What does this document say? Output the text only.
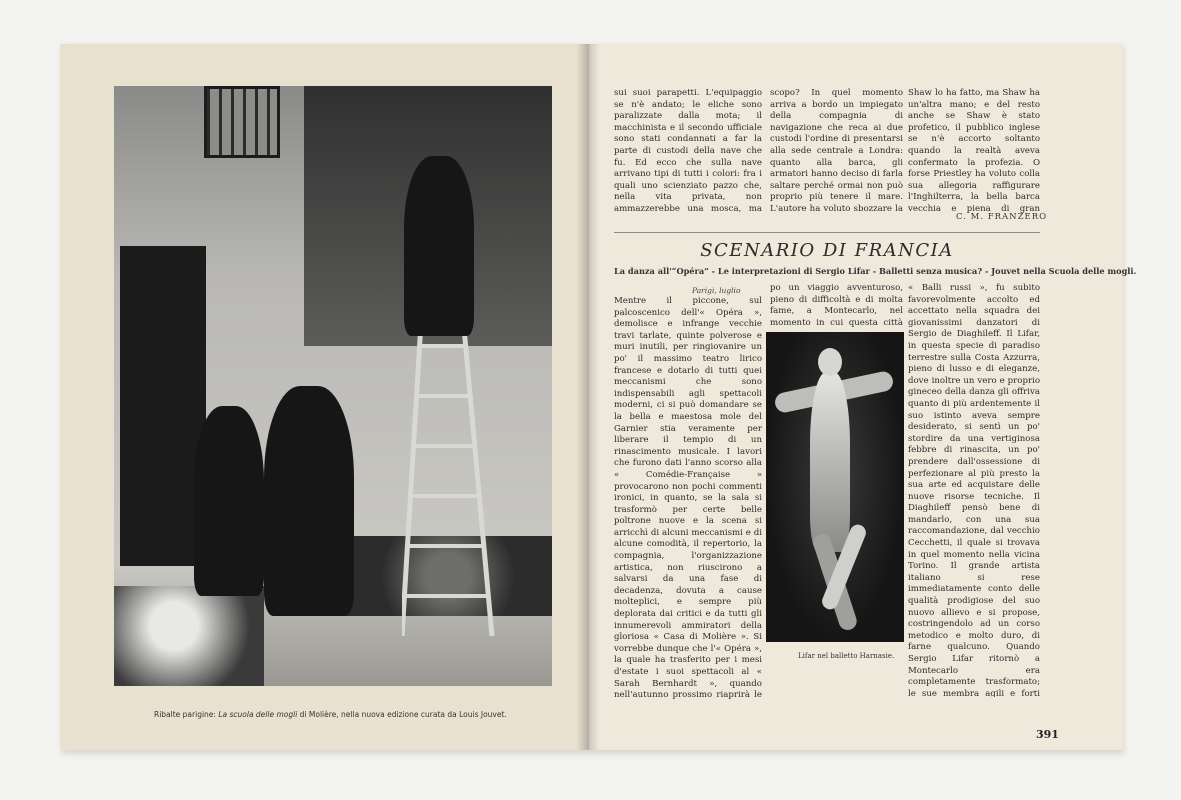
Ribalte parigine: La scuola delle mogli di Molière, nella nuova edizione curata da Louis Jouvet.
sui suoi parapetti. L'equipaggio se n'è andato; le eliche sono paralizzate dalla mota; il macchinista e il secondo ufficiale sono stati condannati a far la parte di custodi della nave che fu. Ed ecco che sulla nave arrivano tipi di tutti i colori: fra i quali uno scienziato pazzo che, nella vita privata, non ammazzerebbe una mosca, ma
scopo? In quel momento arriva a bordo un impiegato della compagnia di navigazione che reca ai due custodi l'ordine di presentarsi alla sede centrale a Londra: quanto alla barca, gli armatori hanno deciso di farla saltare perché ormai non può proprio più tenere il mare. L'autore ha voluto sbozzare la
Shaw lo ha fatto, ma Shaw ha un'altra mano; e del resto anche se Shaw è stato profetico, il pubblico inglese se n'è accorto soltanto quando la realtà aveva confermato la profezia. O forse Priestley ha voluto colla sua allegoria raffigurare l'Inghilterra, la bella barca vecchia e piena di gran
C. M. FRANZERO
SCENARIO DI FRANCIA
La danza all'“Opéra” - Le interpretazioni di Sergio Lifar - Balletti senza musica? - Jouvet nella Scuola delle mogli.
Parigi, luglio
Mentre il piccone, sul palcoscenico dell'« Opéra », demolisce e infrange vecchie travi tarlate, quinte polverose e muri inutili, per ringiovanire un po' il massimo teatro lirico francese e dotarlo di tutti quei meccanismi che sono indispensabili agli spettacoli moderni, ci si può domandare se la bella e maestosa mole del Garnier stia veramente per liberare il tempio di un rinascimento musicale. I lavori che furono dati l'anno scorso alla « Comédie-Française » provocarono non pochi commenti ironici, in quanto, se la sala si trasformò per certe belle poltrone nuove e la scena si arricchì di alcuni meccanismi e di alcune comodità, il repertorio, la compagnia, l'organizzazione artistica, non riuscirono a salvarsi da una fase di decadenza, dovuta a cause molteplici, e sempre più deplorata dai critici e da tutti gli innumerevoli ammiratori della gloriosa « Casa di Molière ». Si vorrebbe dunque che l'« Opéra », la quale ha trasferito per i mesi d'estate i suoi spettacoli al « Sarah Bernhardt », quando nell'autunno prossimo riaprirà le
po un viaggio avventuroso, pieno di difficoltà e di molta fame, a Montecarlo, nel momento in cui questa città
« Balli russi », fu subito favorevolmente accolto ed accettato nella squadra dei giovanissimi danzatori di Sergio de Diaghileff. Il Lifar, in questa specie di paradiso terrestre sulla Costa Azzurra, pieno di lusso e di eleganze, dove inoltre un vero e proprio gineceo della danza gli offriva quanto di più ardentemente il suo istinto aveva sempre desiderato, si sentì un po' stordire da una vertiginosa febbre di rinascita, un po' prendere dall'ossessione di perfezionare al più presto la sua arte ed acquistare delle nuove risorse tecniche. Il Diaghileff pensò bene di mandarlo, con una sua raccomandazione, dal vecchio Cecchetti, il quale si trovava in quel momento nella vicina Torino. Il grande artista italiano si rese immediatamente conto delle qualità prodigiose del suo nuovo allievo e si propose, costringendolo ad un corso metodico e molto duro, di farne qualcuno. Quando Sergio Lifar ritornò a Montecarlo era completamente trasformato; le sue membra agili e forti
Lifar nel balletto Harnasie.
391
